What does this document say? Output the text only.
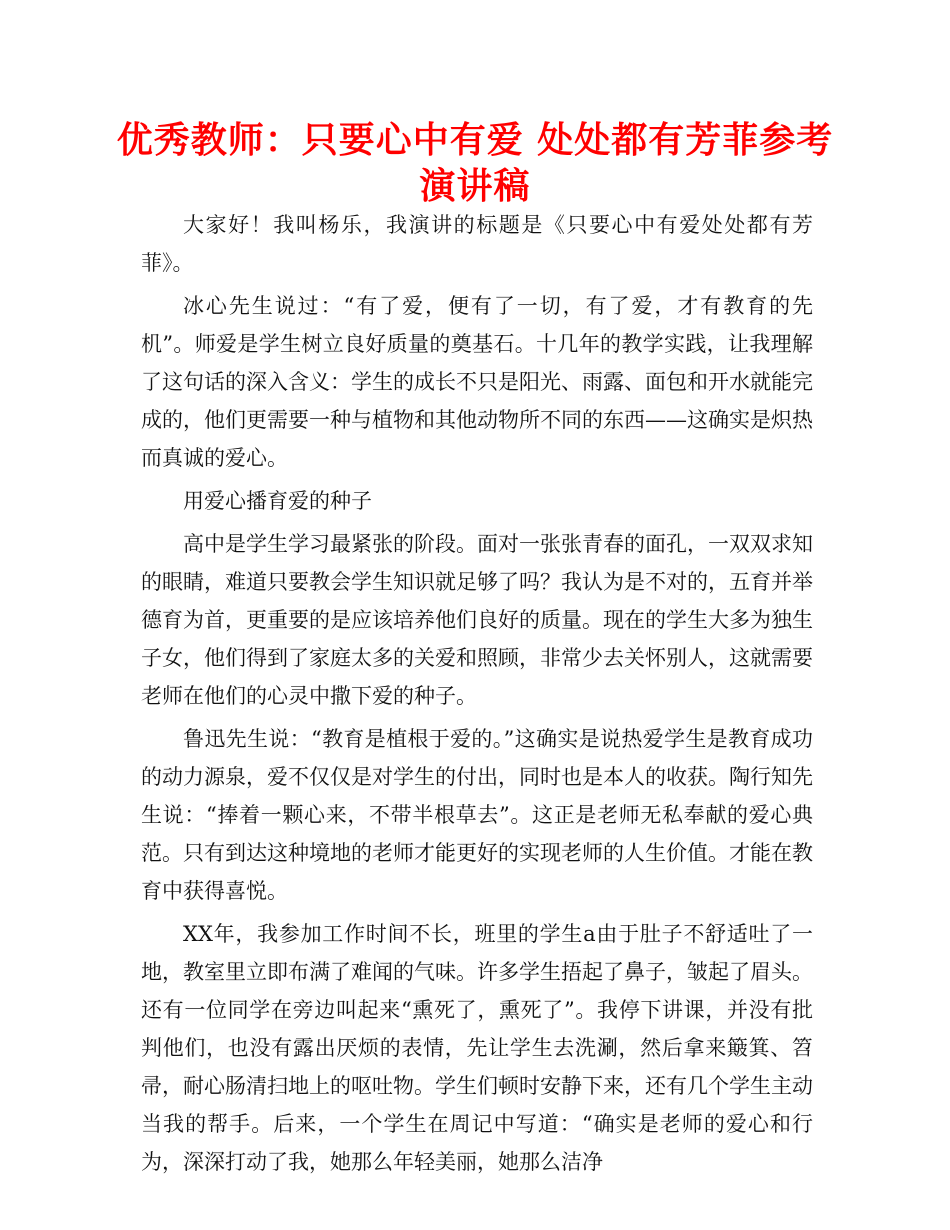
优秀教师：只要心中有爱 处处都有芳菲参考演讲稿

大家好！我叫杨乐，我演讲的标题是《只要心中有爱处处都有芳菲》。

冰心先生说过：“有了爱，便有了一切，有了爱，才有教育的先机”。师爱是学生树立良好质量的奠基石。十几年的教学实践，让我理解了这句话的深入含义：学生的成长不只是阳光、雨露、面包和开水就能完成的，他们更需要一种与植物和其他动物所不同的东西——这确实是炽热而真诚的爱心。

用爱心播育爱的种子

高中是学生学习最紧张的阶段。面对一张张青春的面孔，一双双求知的眼睛，难道只要教会学生知识就足够了吗？我认为是不对的，五育并举德育为首，更重要的是应该培养他们良好的质量。现在的学生大多为独生子女，他们得到了家庭太多的关爱和照顾，非常少去关怀别人，这就需要老师在他们的心灵中撒下爱的种子。

鲁迅先生说：“教育是植根于爱的。”这确实是说热爱学生是教育成功的动力源泉，爱不仅仅是对学生的付出，同时也是本人的收获。陶行知先生说：“捧着一颗心来，不带半根草去”。这正是老师无私奉献的爱心典范。只有到达这种境地的老师才能更好的实现老师的人生价值。才能在教育中获得喜悦。

XX年，我参加工作时间不长，班里的学生a由于肚子不舒适吐了一地，教室里立即布满了难闻的气味。许多学生捂起了鼻子，皱起了眉头。还有一位同学在旁边叫起来“熏死了，熏死了”。我停下讲课，并没有批判他们，也没有露出厌烦的表情，先让学生去洗涮，然后拿来簸箕、笤帚，耐心肠清扫地上的呕吐物。学生们顿时安静下来，还有几个学生主动当我的帮手。后来，一个学生在周记中写道：“确实是老师的爱心和行为，深深打动了我，她那么年轻美丽，她那么洁净
